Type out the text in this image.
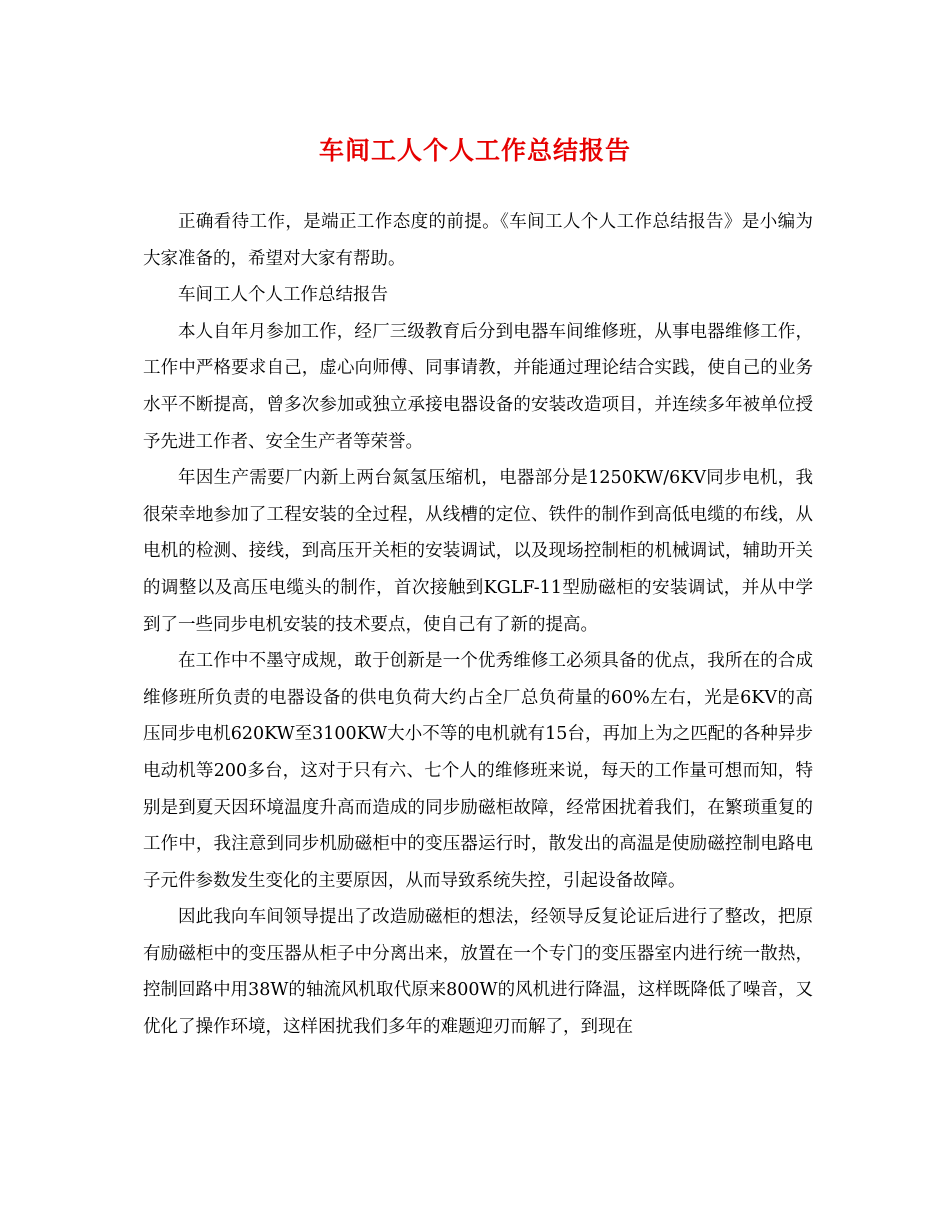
车间工人个人工作总结报告

正确看待工作，是端正工作态度的前提。《车间工人个人工作总结报告》是小编为大家准备的，希望对大家有帮助。

车间工人个人工作总结报告

本人自年月参加工作，经厂三级教育后分到电器车间维修班，从事电器维修工作，工作中严格要求自己，虚心向师傅、同事请教，并能通过理论结合实践，使自己的业务水平不断提高，曾多次参加或独立承接电器设备的安装改造项目，并连续多年被单位授予先进工作者、安全生产者等荣誉。

年因生产需要厂内新上两台氮氢压缩机，电器部分是1250KW/6KV同步电机，我很荣幸地参加了工程安装的全过程，从线槽的定位、铁件的制作到高低电缆的布线，从电机的检测、接线，到高压开关柜的安装调试，以及现场控制柜的机械调试，辅助开关的调整以及高压电缆头的制作，首次接触到KGLF-11型励磁柜的安装调试，并从中学到了一些同步电机安装的技术要点，使自己有了新的提高。

在工作中不墨守成规，敢于创新是一个优秀维修工必须具备的优点，我所在的合成维修班所负责的电器设备的供电负荷大约占全厂总负荷量的60%左右，光是6KV的高压同步电机620KW至3100KW大小不等的电机就有15台，再加上为之匹配的各种异步电动机等200多台，这对于只有六、七个人的维修班来说，每天的工作量可想而知，特别是到夏天因环境温度升高而造成的同步励磁柜故障，经常困扰着我们，在繁琐重复的工作中，我注意到同步机励磁柜中的变压器运行时，散发出的高温是使励磁控制电路电子元件参数发生变化的主要原因，从而导致系统失控，引起设备故障。

因此我向车间领导提出了改造励磁柜的想法，经领导反复论证后进行了整改，把原有励磁柜中的变压器从柜子中分离出来，放置在一个专门的变压器室内进行统一散热，控制回路中用38W的轴流风机取代原来800W的风机进行降温，这样既降低了噪音，又优化了操作环境，这样困扰我们多年的难题迎刃而解了，到现在
